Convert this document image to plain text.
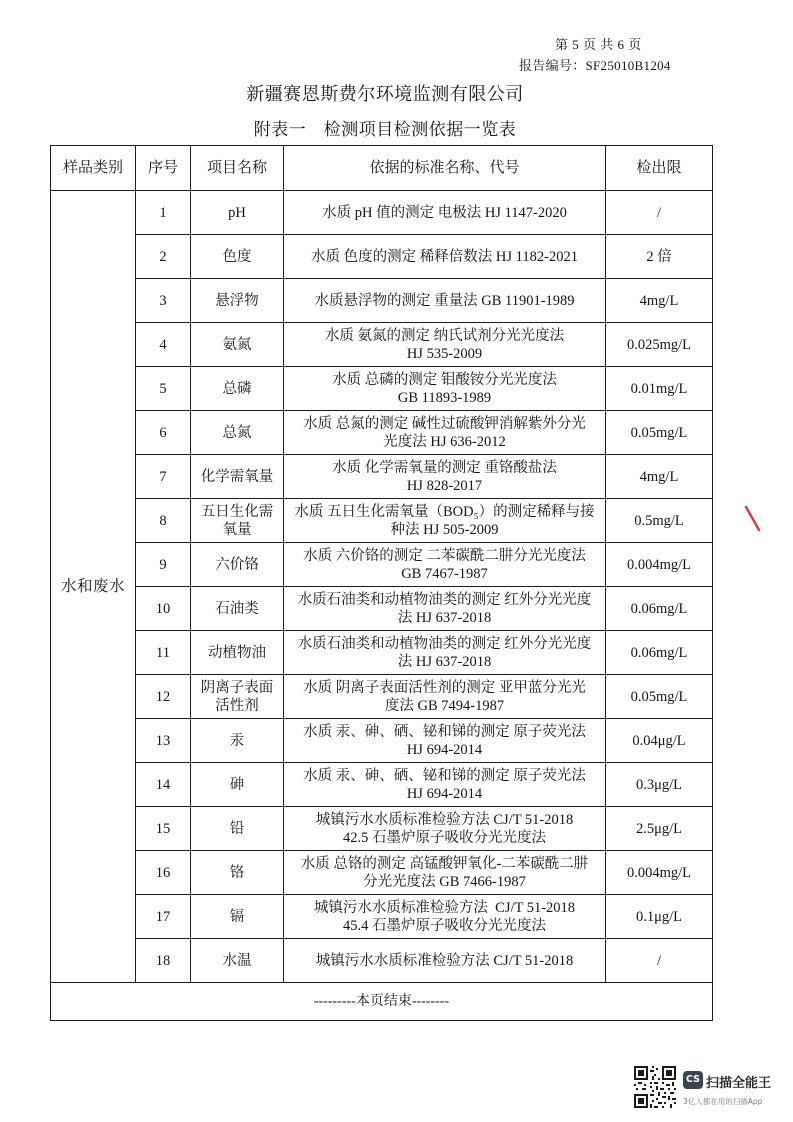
第 5 页 共 6 页
报告编号：SF25010B1204
新疆赛恩斯费尔环境监测有限公司
附表一　检测项目检测依据一览表
样品类别	序号	项目名称	依据的标准名称、代号	检出限
水和废水	1	pH	水质 pH 值的测定 电极法 HJ 1147-2020	/
	2	色度	水质 色度的测定 稀释倍数法 HJ 1182-2021	2 倍
	3	悬浮物	水质悬浮物的测定 重量法 GB 11901-1989	4mg/L
	4	氨氮	水质 氨氮的测定 纳氏试剂分光光度法
HJ 535-2009	0.025mg/L
	5	总磷	水质 总磷的测定 钼酸铵分光光度法
GB 11893-1989	0.01mg/L
	6	总氮	水质 总氮的测定 碱性过硫酸钾消解紫外分光
光度法 HJ 636-2012	0.05mg/L
	7	化学需氧量	水质 化学需氧量的测定 重铬酸盐法
HJ 828-2017	4mg/L
	8	五日生化需
氧量	水质 五日生化需氧量（BOD₅）的测定稀释与接
种法 HJ 505-2009	0.5mg/L
	9	六价铬	水质 六价铬的测定 二苯碳酰二肼分光光度法
GB 7467-1987	0.004mg/L
	10	石油类	水质石油类和动植物油类的测定 红外分光光度
法 HJ 637-2018	0.06mg/L
	11	动植物油	水质石油类和动植物油类的测定 红外分光光度
法 HJ 637-2018	0.06mg/L
	12	阴离子表面
活性剂	水质 阴离子表面活性剂的测定 亚甲蓝分光光
度法 GB 7494-1987	0.05mg/L
	13	汞	水质 汞、砷、硒、铋和锑的测定 原子荧光法
HJ 694-2014	0.04μg/L
	14	砷	水质 汞、砷、硒、铋和锑的测定 原子荧光法
HJ 694-2014	0.3μg/L
	15	铅	城镇污水水质标准检验方法 CJ/T 51-2018
42.5 石墨炉原子吸收分光光度法	2.5μg/L
	16	铬	水质 总铬的测定 高锰酸钾氧化-二苯碳酰二肼
分光光度法 GB 7466-1987	0.004mg/L
	17	镉	城镇污水水质标准检验方法  CJ/T 51-2018
45.4 石墨炉原子吸收分光光度法	0.1μg/L
	18	水温	城镇污水水质标准检验方法 CJ/T 51-2018	/
---------本页结束--------				
CS 扫描全能王
3亿人都在用的扫描App
